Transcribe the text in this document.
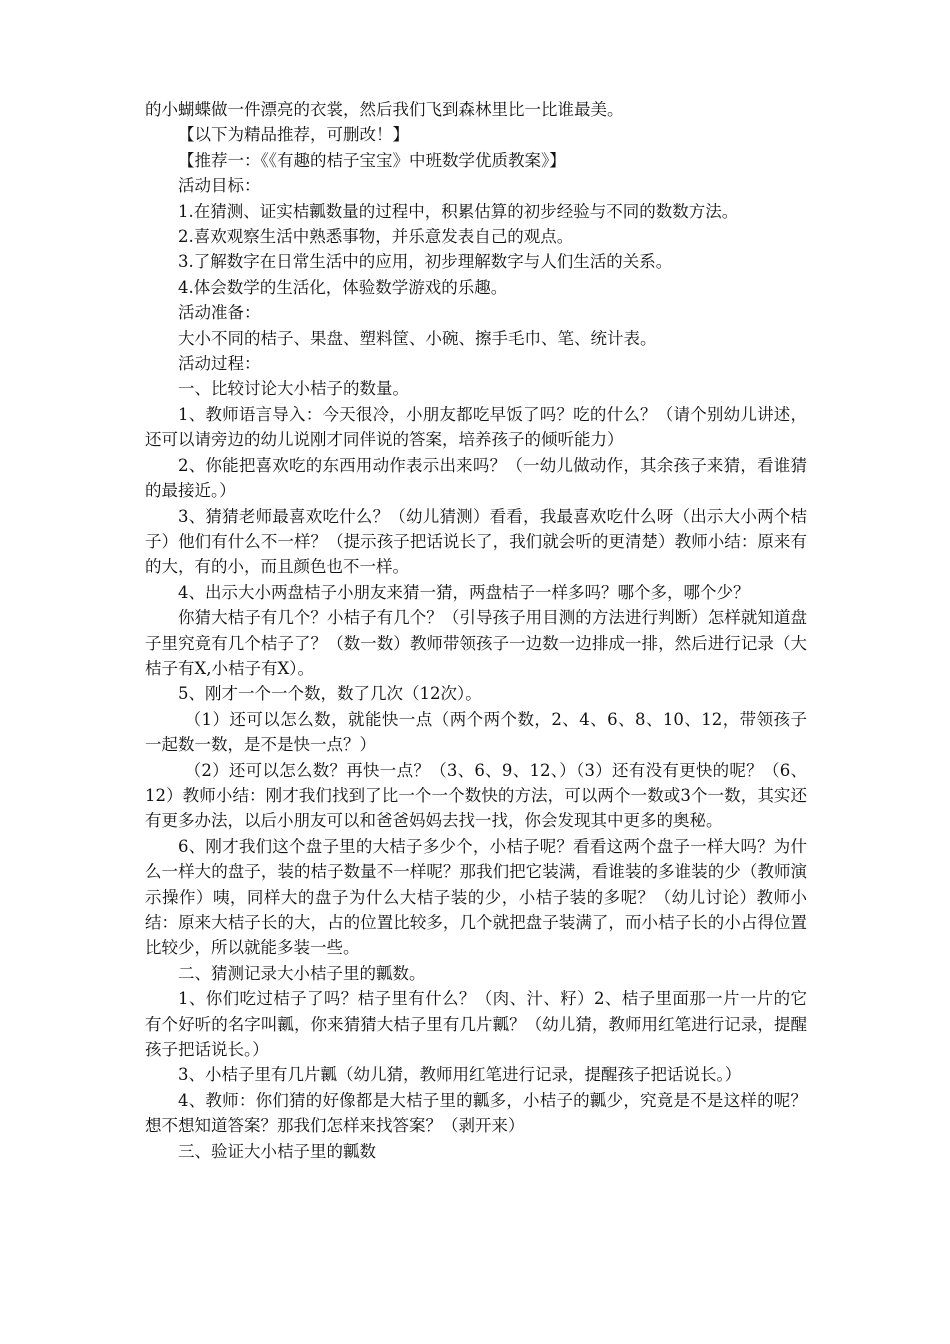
的小蝴蝶做一件漂亮的衣裳，然后我们飞到森林里比一比谁最美。

【以下为精品推荐，可删改！】

【推荐一：《《有趣的桔子宝宝》中班数学优质教案》】

活动目标：

1.在猜测、证实桔瓤数量的过程中，积累估算的初步经验与不同的数数方法。

2.喜欢观察生活中熟悉事物，并乐意发表自己的观点。

3.了解数字在日常生活中的应用，初步理解数字与人们生活的关系。

4.体会数学的生活化，体验数学游戏的乐趣。

活动准备：

大小不同的桔子、果盘、塑料筐、小碗、擦手毛巾、笔、统计表。

活动过程：

一、比较讨论大小桔子的数量。

1、教师语言导入：今天很冷，小朋友都吃早饭了吗？吃的什么？（请个别幼儿讲述，还可以请旁边的幼儿说刚才同伴说的答案，培养孩子的倾听能力）

2、你能把喜欢吃的东西用动作表示出来吗？（一幼儿做动作，其余孩子来猜，看谁猜的最接近。）

3、猜猜老师最喜欢吃什么？（幼儿猜测）看看，我最喜欢吃什么呀（出示大小两个桔子）他们有什么不一样？（提示孩子把话说长了，我们就会听的更清楚）教师小结：原来有的大，有的小，而且颜色也不一样。

4、出示大小两盘桔子小朋友来猜一猜，两盘桔子一样多吗？哪个多，哪个少？

你猜大桔子有几个？小桔子有几个？（引导孩子用目测的方法进行判断）怎样就知道盘子里究竟有几个桔子了？（数一数）教师带领孩子一边数一边排成一排，然后进行记录（大桔子有X,小桔子有X）。

5、刚才一个一个数，数了几次（12次）。

（1）还可以怎么数，就能快一点（两个两个数，2、4、6、8、10、12，带领孩子一起数一数，是不是快一点？）

（2）还可以怎么数？再快一点？（3、6、9、12、）（3）还有没有更快的呢？（6、12）教师小结：刚才我们找到了比一个一个数快的方法，可以两个一数或3个一数，其实还有更多办法，以后小朋友可以和爸爸妈妈去找一找，你会发现其中更多的奥秘。

6、刚才我们这个盘子里的大桔子多少个，小桔子呢？看看这两个盘子一样大吗？为什么一样大的盘子，装的桔子数量不一样呢？那我们把它装满，看谁装的多谁装的少（教师演示操作）咦，同样大的盘子为什么大桔子装的少，小桔子装的多呢？（幼儿讨论）教师小结：原来大桔子长的大，占的位置比较多，几个就把盘子装满了，而小桔子长的小占得位置比较少，所以就能多装一些。

二、猜测记录大小桔子里的瓤数。

1、你们吃过桔子了吗？桔子里有什么？（肉、汁、籽）2、桔子里面那一片一片的它有个好听的名字叫瓤，你来猜猜大桔子里有几片瓤？（幼儿猜，教师用红笔进行记录，提醒孩子把话说长。）

3、小桔子里有几片瓤（幼儿猜，教师用红笔进行记录，提醒孩子把话说长。）

4、教师：你们猜的好像都是大桔子里的瓤多，小桔子的瓤少，究竟是不是这样的呢？想不想知道答案？那我们怎样来找答案？（剥开来）

三、验证大小桔子里的瓤数
